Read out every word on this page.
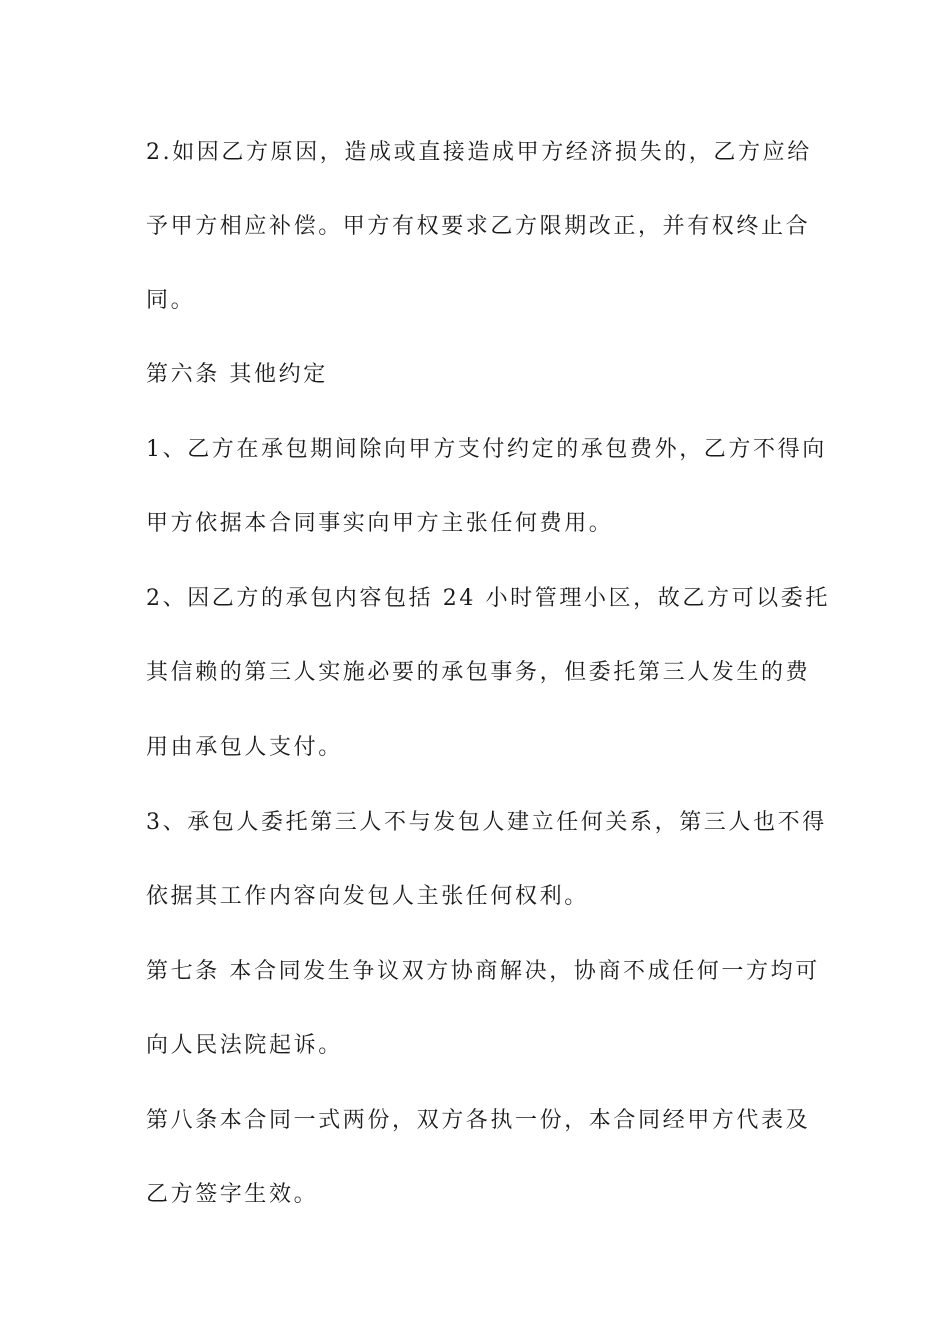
2.如因乙方原因，造成或直接造成甲方经济损失的，乙方应给
予甲方相应补偿。甲方有权要求乙方限期改正，并有权终止合
同。
第六条 其他约定
1、乙方在承包期间除向甲方支付约定的承包费外，乙方不得向
甲方依据本合同事实向甲方主张任何费用。
2、因乙方的承包内容包括 24 小时管理小区，故乙方可以委托
其信赖的第三人实施必要的承包事务，但委托第三人发生的费
用由承包人支付。
3、承包人委托第三人不与发包人建立任何关系，第三人也不得
依据其工作内容向发包人主张任何权利。
第七条 本合同发生争议双方协商解决，协商不成任何一方均可
向人民法院起诉。
第八条本合同一式两份，双方各执一份，本合同经甲方代表及
乙方签字生效。
